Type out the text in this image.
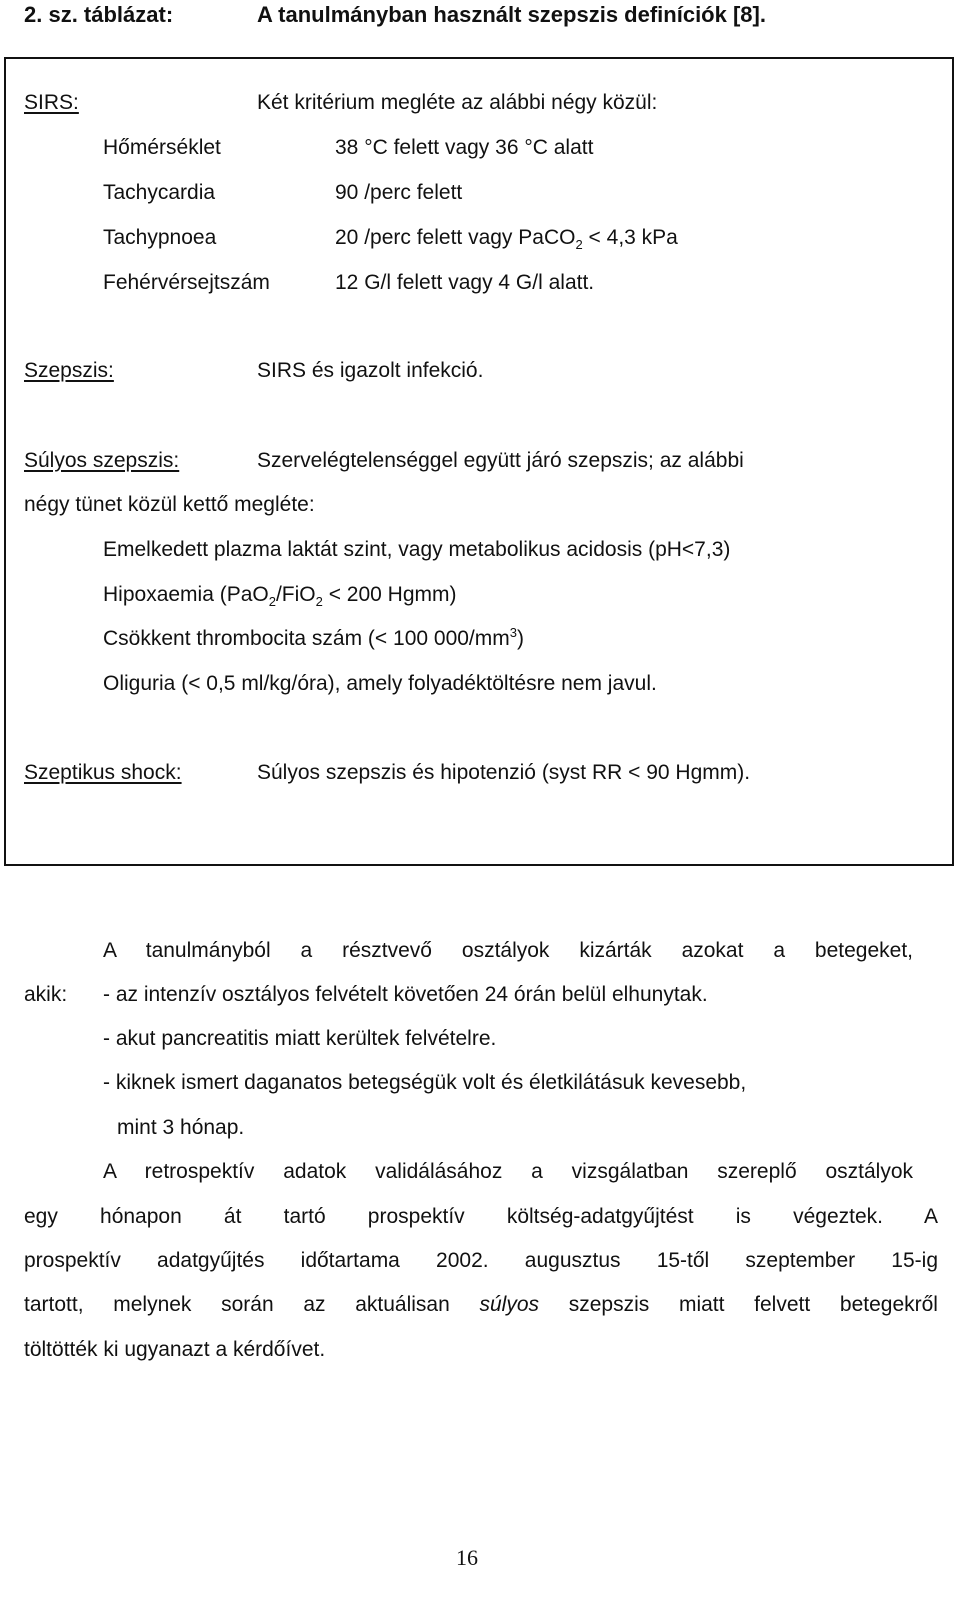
2. sz. táblázat:	A tanulmányban használt szepszis definíciók [8].
SIRS:	Két kritérium megléte az alábbi négy közül:
Hőmérséklet	38 °C felett vagy 36 °C alatt
Tachycardia	90 /perc felett
Tachypnoea	20 /perc felett vagy PaCO$_2$ < 4,3 kPa
Fehérvérsejtszám	12 G/l felett vagy 4 G/l alatt.
Szepszis:	SIRS és igazolt infekció.
Súlyos szepszis:	Szervelégtelenséggel együtt járó szepszis; az alábbi
négy tünet közül kettő megléte:
Emelkedett plazma laktát szint, vagy metabolikus acidosis (pH<7,3)
Hipoxaemia (PaO$_2$/FiO$_2$ < 200 Hgmm)
Csökkent thrombocita szám (< 100 $000/mm^3$)
Oliguria (< 0,5 ml/kg/óra), amely folyadéktöltésre nem javul.
Szeptikus shock:	Súlyos szepszis és hipotenzió (syst RR < 90 Hgmm).
A tanulmányból a résztvevő osztályok kizárták azokat a betegeket,
akik: - az intenzív osztályos felvételt követően 24 órán belül elhunytak.
- akut pancreatitis miatt kerültek felvételre.
- kiknek ismert daganatos betegségük volt és életkilátásuk kevesebb,
mint 3 hónap.
A retrospektív adatok validálásához a vizsgálatban szereplő osztályok
egy hónapon át tartó prospektív költség-adatgyűjtést is végeztek. A
prospektív adatgyűjtés időtartama 2002. augusztus 15-től szeptember 15-ig
tartott, melynek során az aktuálisan súlyos szepszis miatt felvett betegekről
töltötték ki ugyanazt a kérdőívet.
16
